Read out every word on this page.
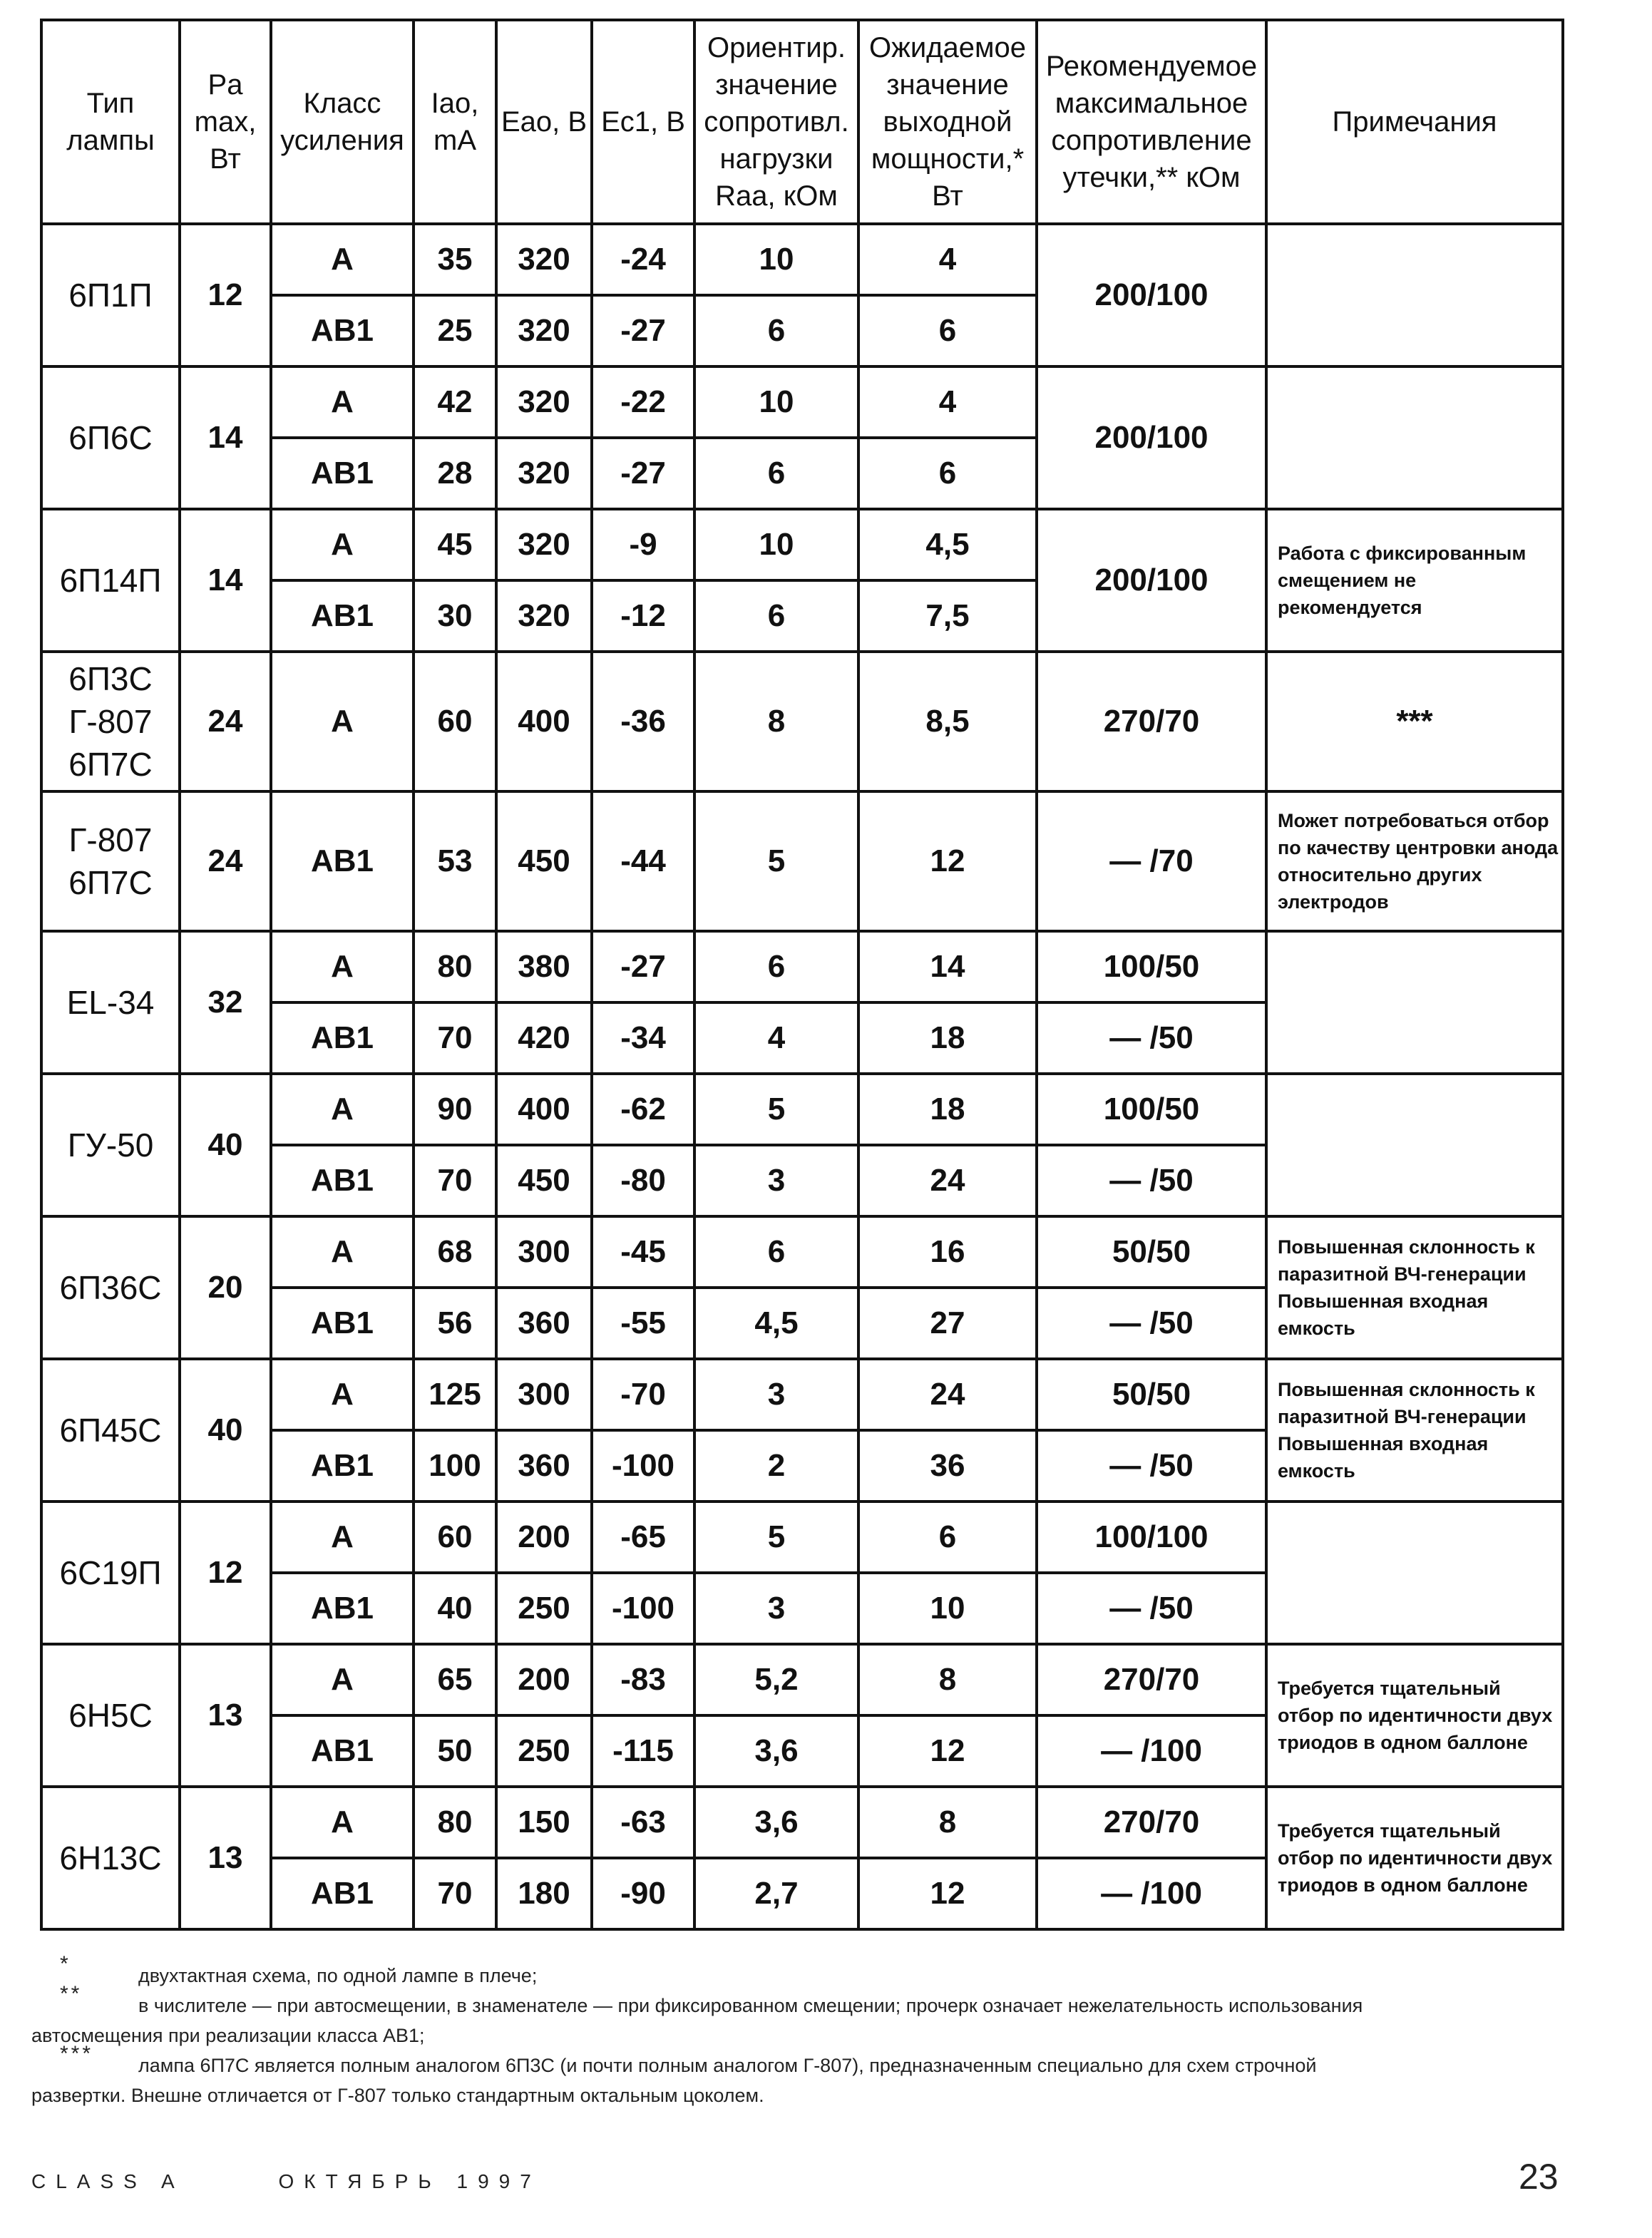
Тип лампы	Pa max, Вт	Класс усиления	Iao, mA	Eao, В	Ec1, В	Ориентир. значение сопротивл. нагрузки Raa, кОм	Ожидаемое значение выходной мощности,* Вт	Рекомендуемое максимальное сопротивление утечки,** кОм	Примечания
6П1П	12	А	35	320	-24	10	4	200/100	
		АВ1	25	320	-27	6	6		
6П6С	14	А	42	320	-22	10	4	200/100	
		АВ1	28	320	-27	6	6		
6П14П	14	А	45	320	-9	10	4,5	200/100	Работа с фиксированным смещением не рекомендуется
		АВ1	30	320	-12	6	7,5		
6П3С Г-807 6П7С	24	А	60	400	-36	8	8,5	270/70	***
Г-807 6П7С	24	АВ1	53	450	-44	5	12	— /70	Может потребоваться отбор по качеству центровки анода относительно других электродов
EL-34	32	А	80	380	-27	6	14	100/50	
		АВ1	70	420	-34	4	18	— /50	
ГУ-50	40	А	90	400	-62	5	18	100/50	
		АВ1	70	450	-80	3	24	— /50	
6П36С	20	А	68	300	-45	6	16	50/50	Повышенная склонность к паразитной ВЧ-генерации Повышенная входная емкость
		АВ1	56	360	-55	4,5	27	— /50	
6П45С	40	А	125	300	-70	3	24	50/50	Повышенная склонность к паразитной ВЧ-генерации Повышенная входная емкость
		АВ1	100	360	-100	2	36	— /50	
6С19П	12	А	60	200	-65	5	6	100/100	
		АВ1	40	250	-100	3	10	— /50	
6Н5С	13	А	65	200	-83	5,2	8	270/70	Требуется тщательный отбор по идентичности двух триодов в одном баллоне
		АВ1	50	250	-115	3,6	12	— /100	
6Н13С	13	А	80	150	-63	3,6	8	270/70	Требуется тщательный отбор по идентичности двух триодов в одном баллоне
		АВ1	70	180	-90	2,7	12	— /100	
*	двухтактная схема, по одной лампе в плече;
**	в числителе — при автосмещении, в знаменателе — при фиксированном смещении; прочерк означает нежелательность использования
автосмещения при реализации класса АВ1;
*** лампа 6П7С является полным аналогом 6П3С (и почти полным аналогом Г-807), предназначенным специально для схем строчной
развертки. Внешне отличается от Г-807 только стандартным октальным цоколем.
CLASS A	ОКТЯБРЬ 1997	23
